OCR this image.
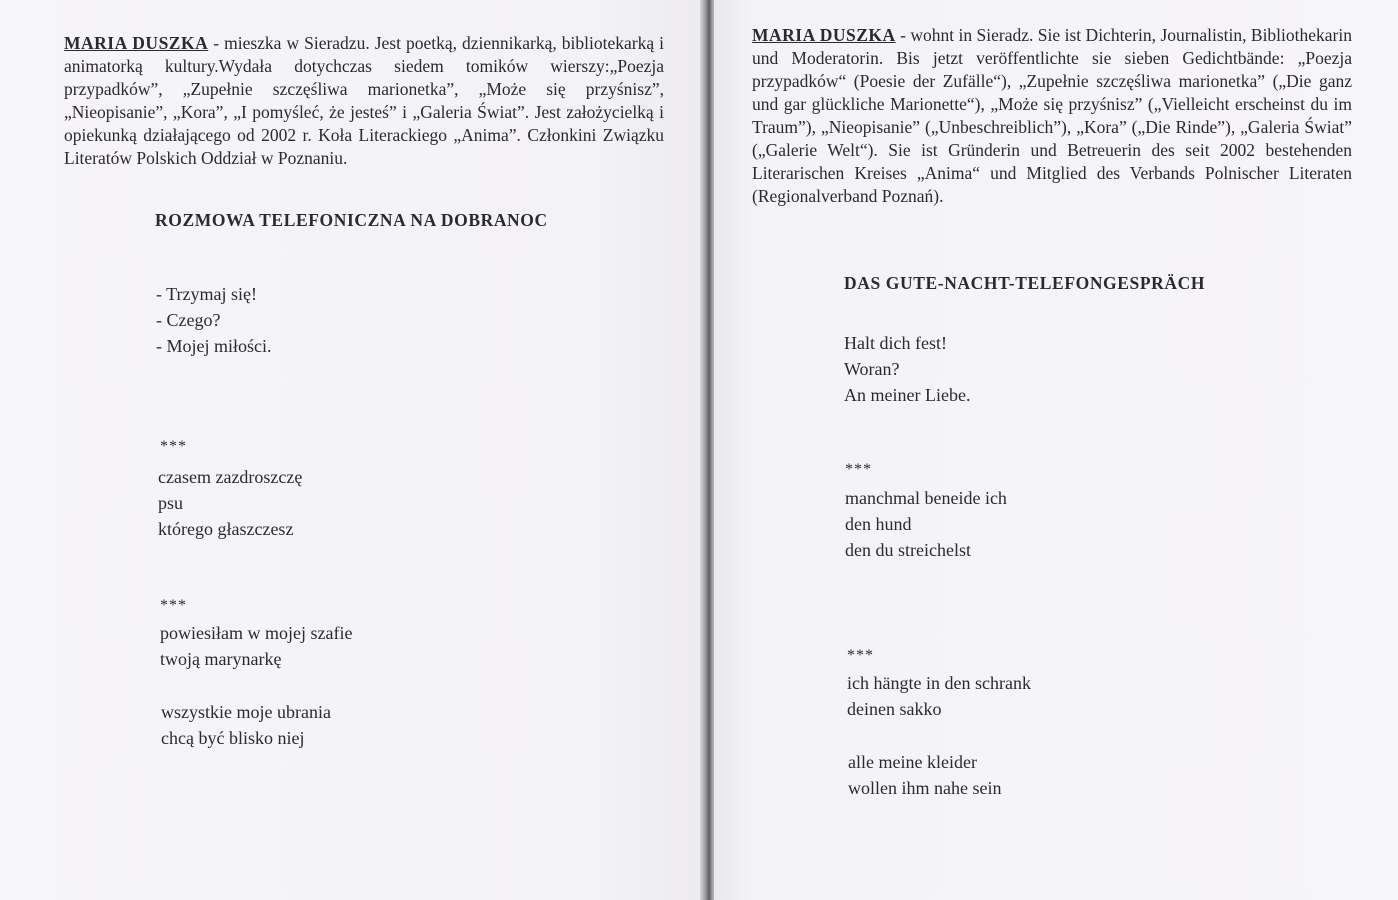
MARIA DUSZKA - mieszka w Sieradzu. Jest poetką, dziennikarką, bibliotekarką i animatorką kultury.Wydała dotychczas siedem tomików wierszy:„Poezja przypadków”, „Zupełnie szczęśliwa marionetka”, „Może się przyśnisz”, „Nieopisanie”, „Kora”, „I pomyśleć, że jesteś” i „Galeria Świat”. Jest założycielką i opiekunką działającego od 2002 r. Koła Literackiego „Anima”. Członkini Związku Literatów Polskich Oddział w Poznaniu.

ROZMOWA TELEFONICZNA NA DOBRANOC
- Trzymaj się!
- Czego?
- Mojej miłości.

***

czasem zazdroszczę
psu
którego głaszczesz

***

powiesiłam w mojej szafie
twoją marynarkę
wszystkie moje ubrania
chcą być blisko niej

MARIA DUSZKA - wohnt in Sieradz. Sie ist Dichterin, Journalistin, Bibliothekarin und Moderatorin. Bis jetzt veröffentlichte sie sieben Gedichtbände: „Poezja przypadków“ (Poesie der Zufälle“), „Zupełnie szczęśliwa marionetka” („Die ganz und gar glückliche Marionette“), „Może się przyśnisz” („Vielleicht erscheinst du im Traum”), „Nieopisanie” („Unbeschreiblich”), „Kora” („Die Rinde”), „Galeria Świat” („Galerie Welt“). Sie ist Gründerin und Betreuerin des seit 2002 bestehenden Literarischen Kreises „Anima“ und Mitglied des Verbands Polnischer Literaten (Regionalverband Poznań).

DAS GUTE-NACHT-TELEFONGESPRÄCH
Halt dich fest!
Woran?
An meiner Liebe.

***

manchmal beneide ich
den hund
den du streichelst

***

ich hängte in den schrank
deinen sakko
alle meine kleider
wollen ihm nahe sein
